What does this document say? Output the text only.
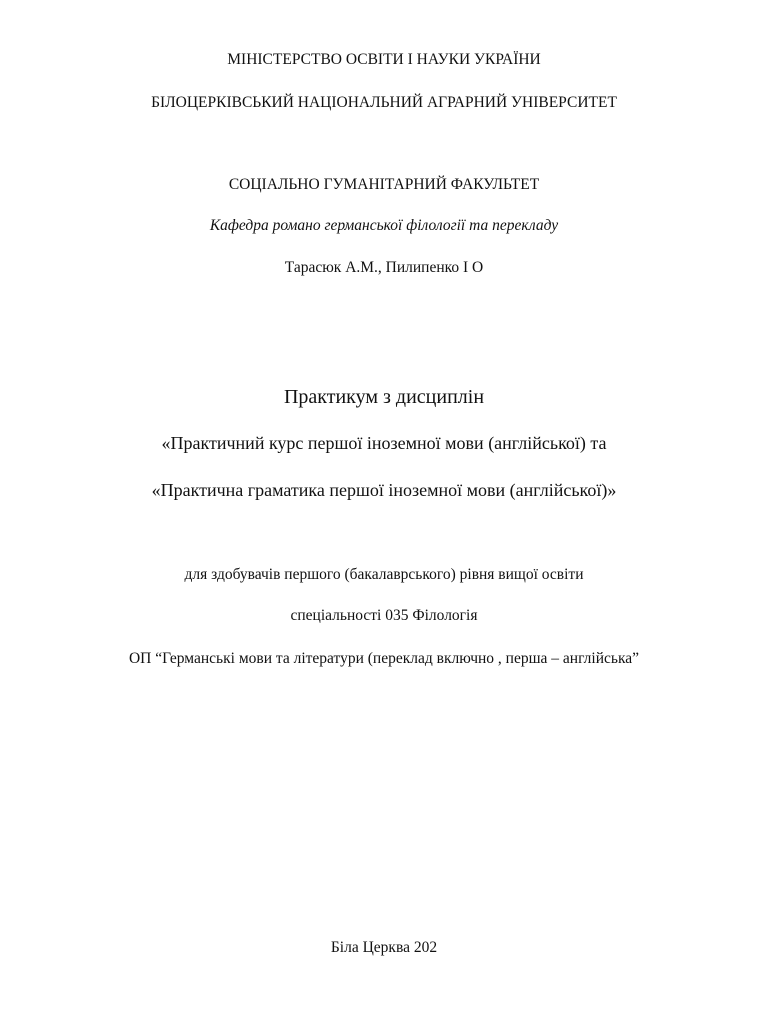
МІНІСТЕРСТВО ОСВІТИ І НАУКИ УКРАЇНИ
БІЛОЦЕРКІВСЬКИЙ НАЦІОНАЛЬНИЙ АГРАРНИЙ УНІВЕРСИТЕТ
СОЦІАЛЬНО ГУМАНІТАРНИЙ ФАКУЛЬТЕТ
Кафедра романо германської філології та перекладу
Тарасюк А.М., Пилипенко І О
Практикум з дисциплін
«Практичний курс першої іноземної мови (англійської) та
«Практична граматика першої іноземної мови (англійської)»
для здобувачів першого (бакалаврського) рівня вищої освіти
спеціальності 035 Філологія
ОП “Германські мови та літератури (переклад включно , перша – англійська”
Біла Церква 202
